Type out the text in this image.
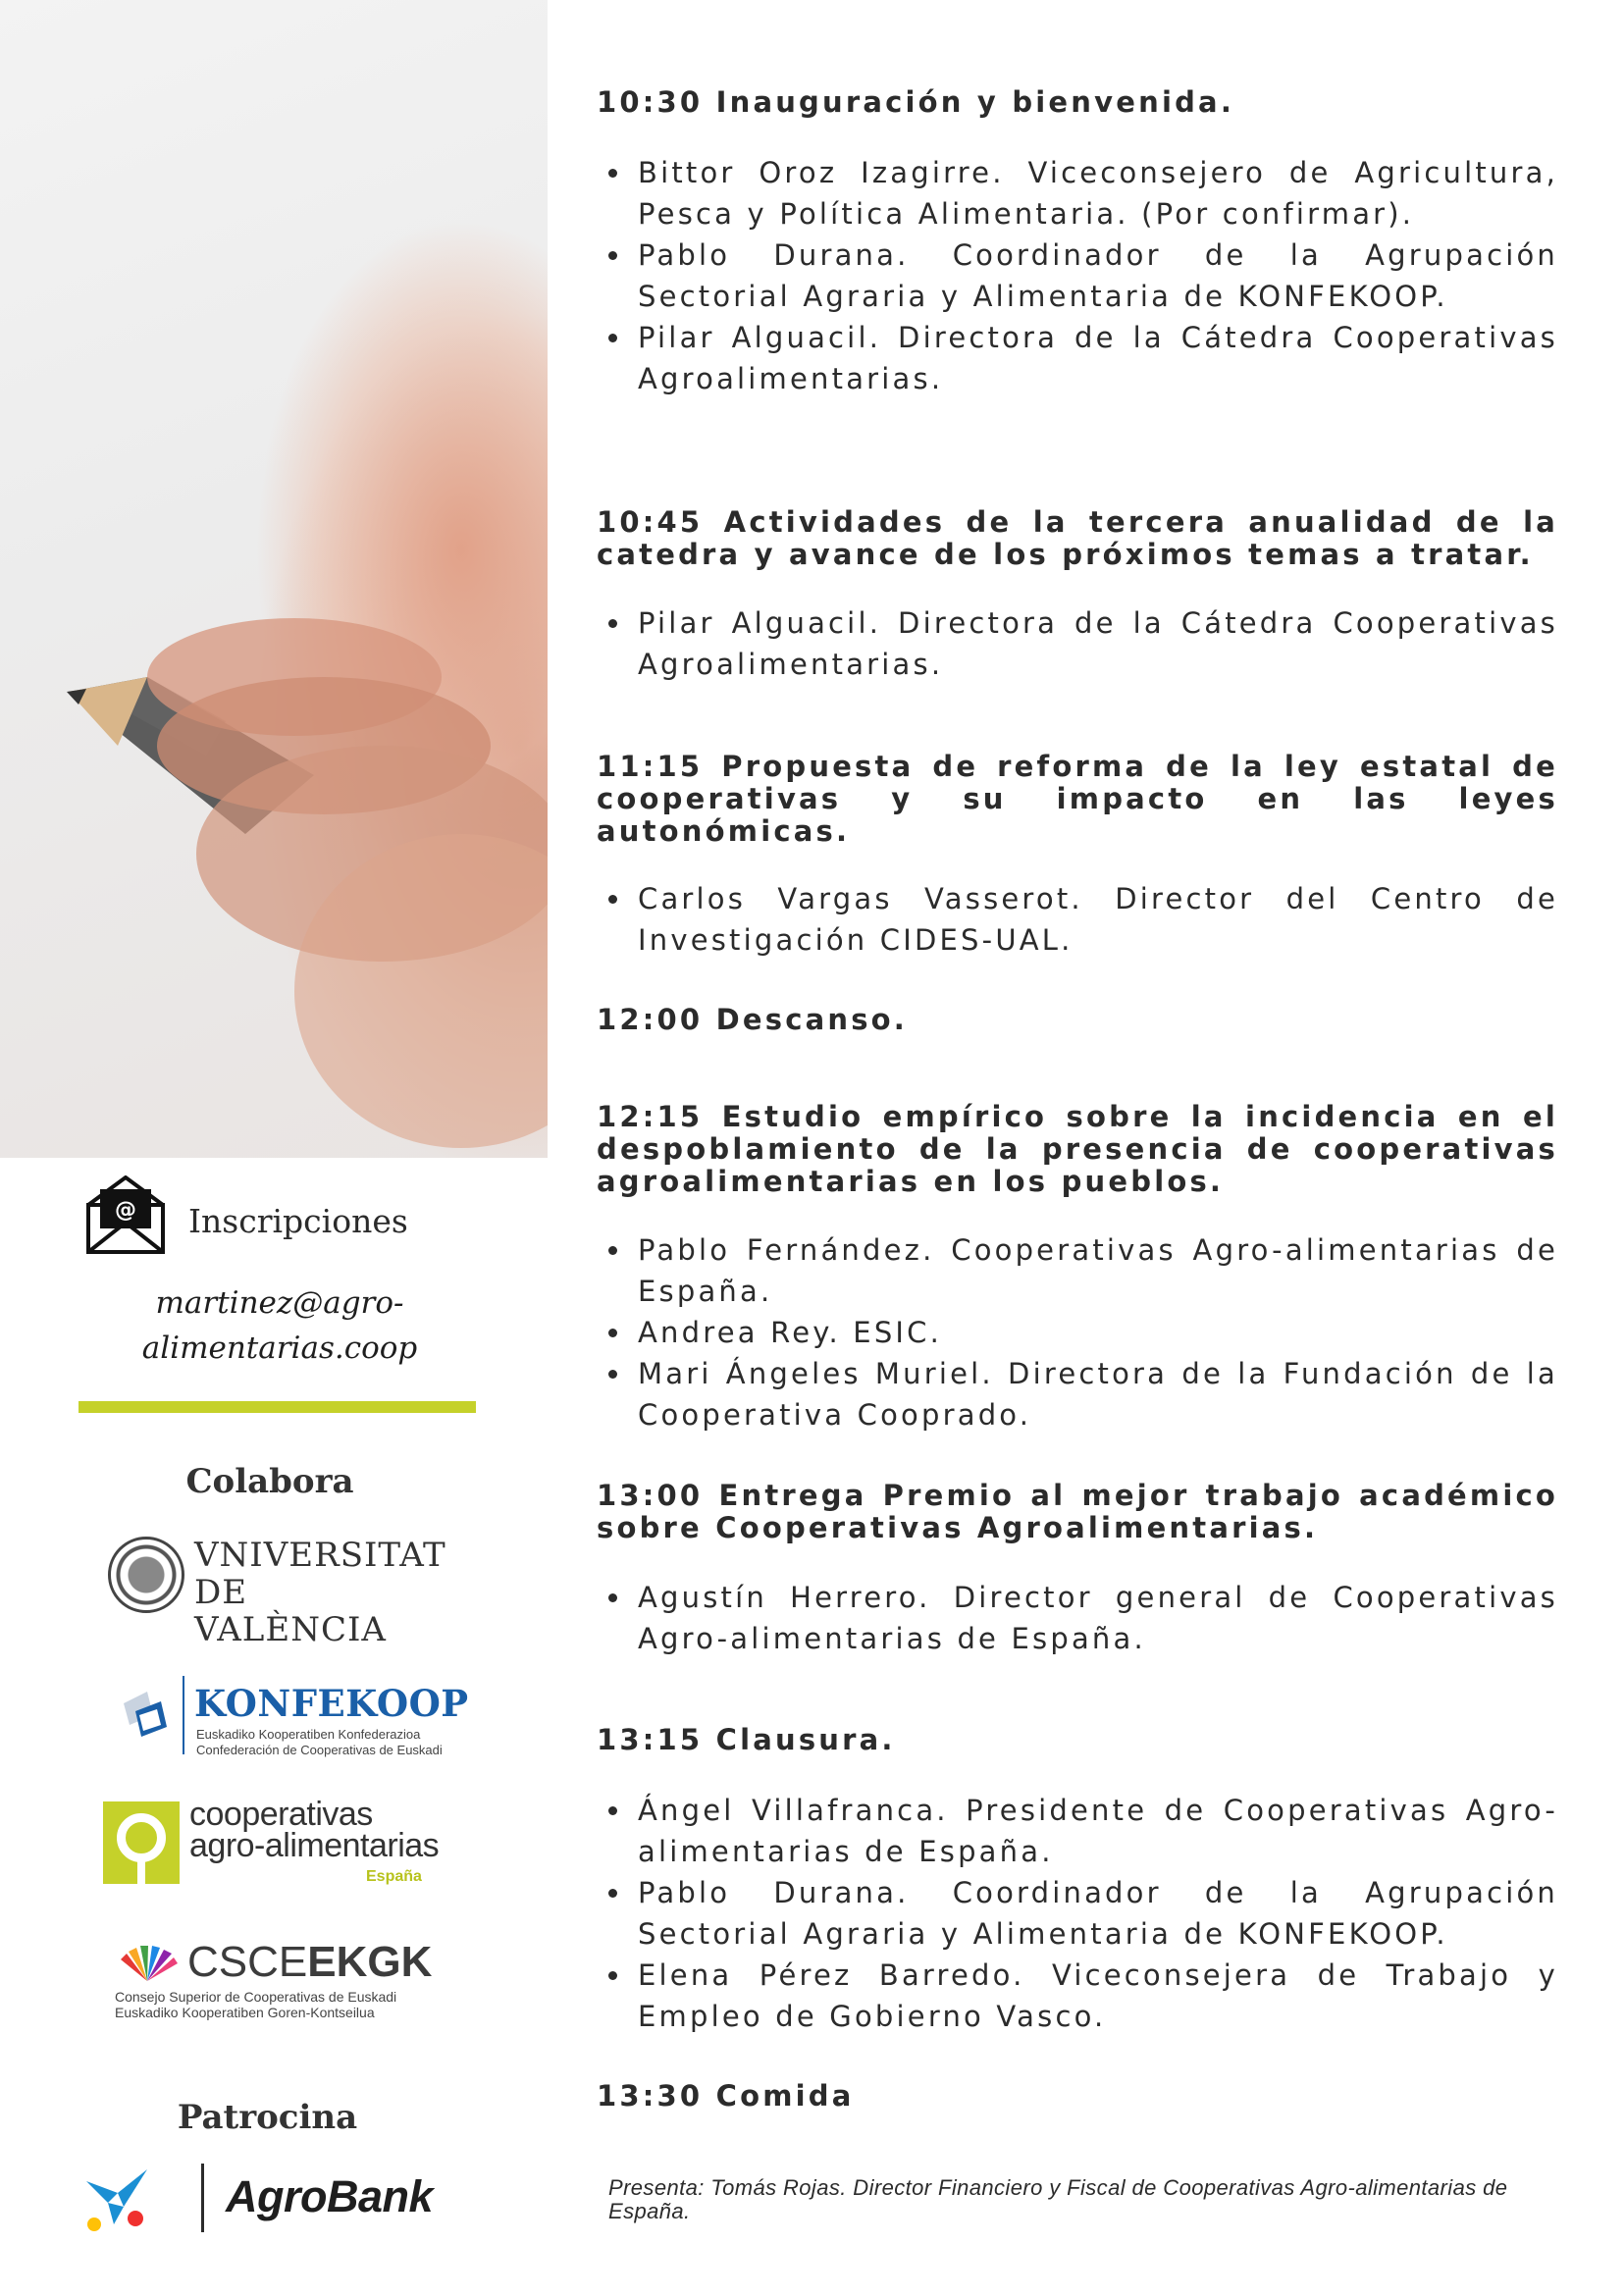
@ Inscripciones
martinez@agro-alimentarias.coop
Colabora
VNIVERSITAT
DE VALÈNCIA
KONFEKOOP
Euskadiko Kooperatiben Konfederazioa
Confederación de Cooperativas de Euskadi
cooperativas
agro-alimentarias
España
CSCEEKGK
Consejo Superior de Cooperativas de Euskadi
Euskadiko Kooperatiben Goren-Kontseilua
Patrocina
AgroBank
10:30 Inauguración y bienvenida.
Bittor Oroz Izagirre. Viceconsejero de Agricultura, Pesca y Política Alimentaria. (Por confirmar).
Pablo Durana. Coordinador de la Agrupación Sectorial Agraria y Alimentaria de KONFEKOOP.
Pilar Alguacil. Directora de la Cátedra Cooperativas Agroalimentarias.
10:45 Actividades de la tercera anualidad de la catedra y avance de los próximos temas a tratar.
Pilar Alguacil. Directora de la Cátedra Cooperativas Agroalimentarias.
11:15 Propuesta de reforma de la ley estatal de cooperativas y su impacto en las leyes autonómicas.
Carlos Vargas Vasserot. Director del Centro de Investigación CIDES-UAL.
12:00 Descanso.
12:15 Estudio empírico sobre la incidencia en el despoblamiento de la presencia de cooperativas agroalimentarias en los pueblos.
Pablo Fernández. Cooperativas Agro-alimentarias de España.
Andrea Rey. ESIC.
Mari Ángeles Muriel. Directora de la Fundación de la Cooperativa Cooprado.
13:00 Entrega Premio al mejor trabajo académico sobre Cooperativas Agroalimentarias.
Agustín Herrero. Director general de Cooperativas Agro-alimentarias de España.
13:15 Clausura.
Ángel Villafranca. Presidente de Cooperativas Agro-alimentarias de España.
Pablo Durana. Coordinador de la Agrupación Sectorial Agraria y Alimentaria de KONFEKOOP.
Elena Pérez Barredo. Viceconsejera de Trabajo y Empleo de Gobierno Vasco.
13:30 Comida
Presenta: Tomás Rojas. Director Financiero y Fiscal de Cooperativas Agro-alimentarias de España.
